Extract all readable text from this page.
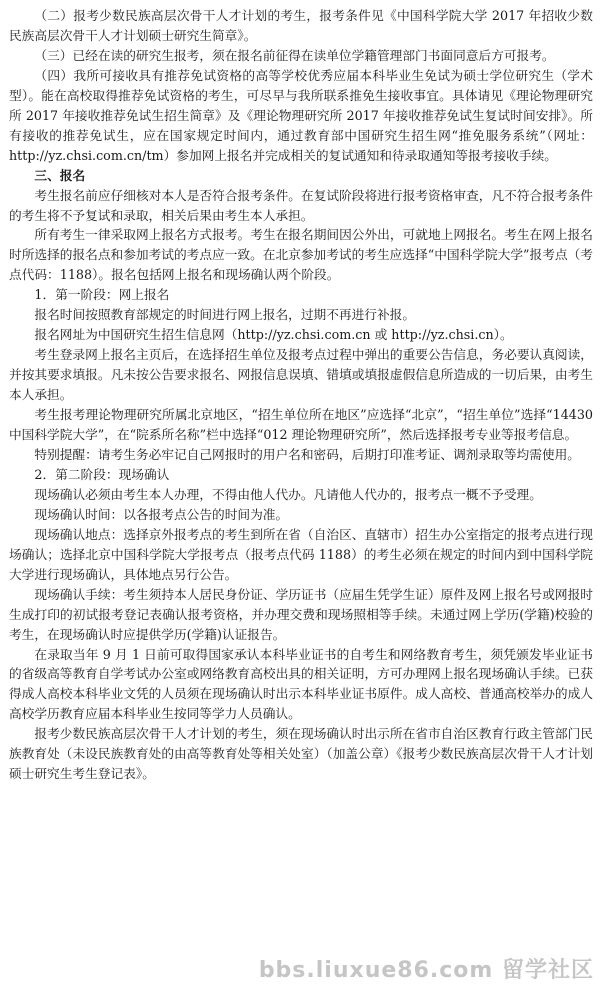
（二）报考少数民族高层次骨干人才计划的考生，报考条件见《中国科学院大学 2017 年招收少数民族高层次骨干人才计划硕士研究生简章》。

（三）已经在读的研究生报考，须在报名前征得在读单位学籍管理部门书面同意后方可报考。

（四）我所可接收具有推荐免试资格的高等学校优秀应届本科毕业生免试为硕士学位研究生（学术型）。能在高校取得推荐免试资格的考生，可尽早与我所联系推免生接收事宜。具体请见《理论物理研究所 2017 年接收推荐免试生招生简章》及《理论物理研究所 2017 年接收推荐免试生复试时间安排》。所有接收的推荐免试生，应在国家规定时间内，通过教育部中国研究生招生网“推免服务系统”（网址：http://yz.chsi.com.cn/tm）参加网上报名并完成相关的复试通知和待录取通知等报考接收手续。

三、报名

考生报名前应仔细核对本人是否符合报考条件。在复试阶段将进行报考资格审查，凡不符合报考条件的考生将不予复试和录取，相关后果由考生本人承担。

所有考生一律采取网上报名方式报考。考生在报名期间因公外出，可就地上网报名。考生在网上报名时所选择的报名点和参加考试的考点应一致。在北京参加考试的考生应选择“中国科学院大学”报考点（考点代码：1188）。报名包括网上报名和现场确认两个阶段。

1．第一阶段：网上报名

报名时间按照教育部规定的时间进行网上报名，过期不再进行补报。

报名网址为中国研究生招生信息网（http://yz.chsi.com.cn 或 http://yz.chsi.cn）。

考生登录网上报名主页后，在选择招生单位及报考点过程中弹出的重要公告信息，务必要认真阅读，并按其要求填报。凡未按公告要求报名、网报信息误填、错填或填报虚假信息所造成的一切后果，由考生本人承担。

考生报考理论物理研究所属北京地区，“招生单位所在地区”应选择“北京”，“招生单位”选择“14430 中国科学院大学”，在“院系所名称”栏中选择“012 理论物理研究所”，然后选择报考专业等报考信息。

特别提醒：请考生务必牢记自己网报时的用户名和密码，后期打印准考证、调剂录取等均需使用。

2．第二阶段：现场确认

现场确认必须由考生本人办理，不得由他人代办。凡请他人代办的，报考点一概不予受理。

现场确认时间：以各报考点公告的时间为准。

现场确认地点：选择京外报考点的考生到所在省（自治区、直辖市）招生办公室指定的报考点进行现场确认；选择北京中国科学院大学报考点（报考点代码 1188）的考生必须在规定的时间内到中国科学院大学进行现场确认，具体地点另行公告。

现场确认手续：考生须持本人居民身份证、学历证书（应届生凭学生证）原件及网上报名号或网报时生成打印的初试报考登记表确认报考资格，并办理交费和现场照相等手续。未通过网上学历(学籍)校验的考生，在现场确认时应提供学历(学籍)认证报告。

在录取当年 9 月 1 日前可取得国家承认本科毕业证书的自考生和网络教育考生，须凭颁发毕业证书的省级高等教育自学考试办公室或网络教育高校出具的相关证明，方可办理网上报名现场确认手续。已获得成人高校本科毕业文凭的人员须在现场确认时出示本科毕业证书原件。成人高校、普通高校举办的成人高校学历教育应届本科毕业生按同等学力人员确认。

报考少数民族高层次骨干人才计划的考生，须在现场确认时出示所在省市自治区教育行政主管部门民族教育处（未设民族教育处的由高等教育处等相关处室）（加盖公章）《报考少数民族高层次骨干人才计划硕士研究生考生登记表》。

bbs.liuxue86.com 留学社区
